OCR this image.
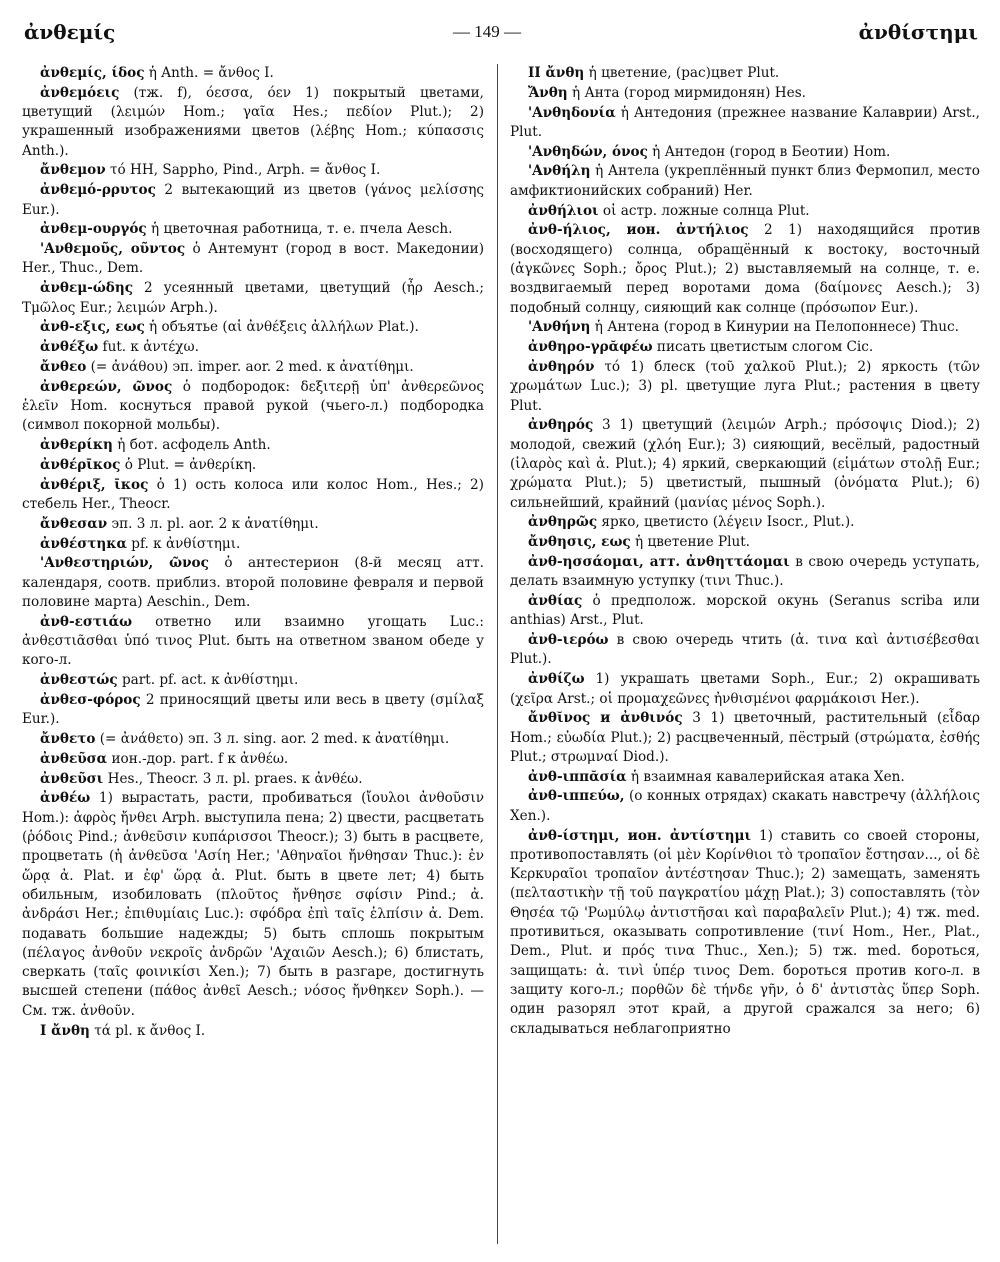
ἀνθεμίς	— 149 —	ἀνθίστημι

ἀνθεμίς, ίδος ἡ Anth. = ἄνθος I.

ἀνθεμόεις (тж. f), όεσσα, όεν 1) покрытый цветами, цветущий (λειμών Hom.; γαῖα Hes.; πεδίον Plut.); 2) украшенный изображениями цветов (λέβης Hom.; κύπασσις Anth.).

ἄνθεμον τό HH, Sappho, Pind., Arph. = ἄνθος I.

ἀνθεμό-ρρυτος 2 вытекающий из цветов (γάνος μελίσσης Eur.).

ἀνθεμ-ουργός ἡ цветочная работница, т. е. пчела Aesch.

'Ανθεμοῦς, οῦντος ὁ Антемунт (город в вост. Македонии) Her., Thuc., Dem.

ἀνθεμ-ώδης 2 усеянный цветами, цветущий (ἦρ Aesch.; Τμῶλος Eur.; λειμών Arph.).

ἀνθ-εξις, εως ἡ объятье (αἱ ἀνθέξεις ἀλλήλων Plat.).

ἀνθέξω fut. к ἀντέχω.

ἄνθεο (= ἀνάθου) эп. imper. aor. 2 med. к ἀνατίθημι.

ἀνθερεών, ῶνος ὁ подбородок: δεξιτερῇ ὑπ' ἀνθερεῶνος ἑλεῖν Hom. коснуться правой рукой (чьего-л.) подбородка (символ покорной мольбы).

ἀνθερίκη ἡ бот. асфодель Anth.

ἀνθέρῑκος ὁ Plut. = ἀνθερίκη.

ἀνθέριξ, ῑκος ὁ 1) ость колоса или колос Hom., Hes.; 2) стебель Her., Theocr.

ἄνθεσαν эп. 3 л. pl. aor. 2 к ἀνατίθημι.

ἀνθέστηκα pf. к ἀνθίστημι.

'Ανθεστηριών, ῶνος ὁ антестерион (8-й месяц атт. календаря, соотв. приблиз. второй половине февраля и первой половине марта) Aeschin., Dem.

ἀνθ-εστιάω ответно или взаимно угощать Luc.: ἀνθεστιᾶσθαι ὑπό τινος Plut. быть на ответном званом обеде у кого-л.

ἀνθεστώς part. pf. act. к ἀνθίστημι.

ἀνθεσ-φόρος 2 приносящий цветы или весь в цвету (σμίλαξ Eur.).

ἄνθετο (= ἀνάθετο) эп. 3 л. sing. aor. 2 med. к ἀνατίθημι.

ἀνθεῦσα ион.-дор. part. f к ἀνθέω.

ἀνθεῦσι Hes., Theocr. 3 л. pl. praes. к ἀνθέω.

ἀνθέω 1) вырастать, расти, пробиваться (ἴουλοι ἀνθοῦσιν Hom.): ἀφρὸς ἤνθει Arph. выступила пена; 2) цвести, расцветать (ῥόδοις Pind.; ἀνθεῦσιν κυπάρισσοι Theocr.); 3) быть в расцвете, процветать (ἡ ἀνθεῦσα 'Ασίη Her.; 'Αθηναῖοι ἤνθησαν Thuc.): ἐν ὥρᾳ ἀ. Plat. и ἐφ' ὥρᾳ ἀ. Plut. быть в цвете лет; 4) быть обильным, изобиловать (πλοῦτος ἤνθησε σφίσιν Pind.; ἀ. ἀνδράσι Her.; ἐπιθυμίαις Luc.): σφόδρα ἐπὶ ταῖς ἐλπίσιν ἀ. Dem. подавать большие надежды; 5) быть сплошь покрытым (πέλαγος ἀνθοῦν νεκροῖς ἀνδρῶν 'Αχαιῶν Aesch.); 6) блистать, сверкать (ταῖς φοινικίσι Xen.); 7) быть в разгаре, достигнуть высшей степени (πάθος ἀνθεῖ Aesch.; νόσος ἤνθηκεν Soph.). — См. тж. ἀνθοῦν.

I ἄνθη τά pl. к ἄνθος I.

II ἄνθη ἡ цветение, (рас)цвет Plut.

Ἄνθη ἡ Анта (город мирмидонян) Hes.

'Ανθηδονία ἡ Антедония (прежнее название Калаврии) Arst., Plut.

'Ανθηδών, όνος ἡ Антедон (город в Беотии) Hom.

'Ανθήλη ἡ Антела (укреплённый пункт близ Фермопил, место амфиктионийских собраний) Her.

ἀνθήλιοι οἱ астр. ложные солнца Plut.

ἀνθ-ήλιος, ион. ἀντήλιος 2 1) находящийся против (восходящего) солнца, обращённый к востоку, восточный (ἀγκῶνες Soph.; ὄρος Plut.); 2) выставляемый на солнце, т. е. воздвигаемый перед воротами дома (δαίμονες Aesch.); 3) подобный солнцу, сияющий как солнце (πρόσωπον Eur.).

'Ανθήνη ἡ Антена (город в Кинурии на Пелопоннесе) Thuc.

ἀνθηρο-γρᾰφέω писать цветистым слогом Cic.

ἀνθηρόν τό 1) блеск (τοῦ χαλκοῦ Plut.); 2) яркость (τῶν χρωμάτων Luc.); 3) pl. цветущие луга Plut.; растения в цвету Plut.

ἀνθηρός 3 1) цветущий (λειμών Arph.; πρόσοψις Diod.); 2) молодой, свежий (χλόη Eur.); 3) сияющий, весёлый, радостный (ἱλαρὸς καὶ ἀ. Plut.); 4) яркий, сверкающий (εἱμάτων στολῇ Eur.; χρώματα Plut.); 5) цветистый, пышный (ὀνόματα Plut.); 6) сильнейший, крайний (μανίας μένος Soph.).

ἀνθηρῶς ярко, цветисто (λέγειν Isocr., Plut.).

ἄνθησις, εως ἡ цветение Plut.

ἀνθ-ησσάομαι, атт. ἀνθηττάομαι в свою очередь уступать, делать взаимную уступку (τινι Thuc.).

ἀνθίας ὁ предполож. морской окунь (Seranus scriba или anthias) Arst., Plut.

ἀνθ-ιερόω в свою очередь чтить (ἀ. τινα καὶ ἀντισέβεσθαι Plut.).

ἀνθίζω 1) украшать цветами Soph., Eur.; 2) окрашивать (χεῖρα Arst.; οἱ προμαχεῶνες ἠνθισμένοι φαρμάκοισι Her.).

ἄνθῐνος и ἀνθινός 3 1) цветочный, растительный (εἶδαρ Hom.; εὐωδία Plut.); 2) расцвеченный, пёстрый (στρώματα, ἐσθής Plut.; στρωμναί Diod.).

ἀνθ-ιππᾰσία ἡ взаимная кавалерийская атака Xen.

ἀνθ-ιππεύω, (о конных отрядах) скакать навстречу (ἀλλήλοις Xen.).

ἀνθ-ίστημι, ион. ἀντίστημι 1) ставить со своей стороны, противопоставлять (οἱ μὲν Κορίνθιοι τὸ τροπαῖον ἔστησαν..., οἱ δὲ Κερκυραῖοι τροπαῖον ἀντέστησαν Thuc.); 2) замещать, заменять (πελταστικὴν τῇ τοῦ παγκρατίου μάχῃ Plat.); 3) сопоставлять (τὸν Θησέα τῷ 'Ρωμύλῳ ἀντιστῆσαι καὶ παραβαλεῖν Plut.); 4) тж. med. противиться, оказывать сопротивление (τινί Hom., Her., Plat., Dem., Plut. и πρός τινα Thuc., Xen.); 5) тж. med. бороться, защищать: ἀ. τινὶ ὑπέρ τινος Dem. бороться против кого-л. в защиту кого-л.; πορθῶν δὲ τήνδε γῆν, ὁ δ' ἀντιστὰς ὕπερ Soph. один разорял этот край, а другой сражался за него; 6) складываться неблагоприятно
